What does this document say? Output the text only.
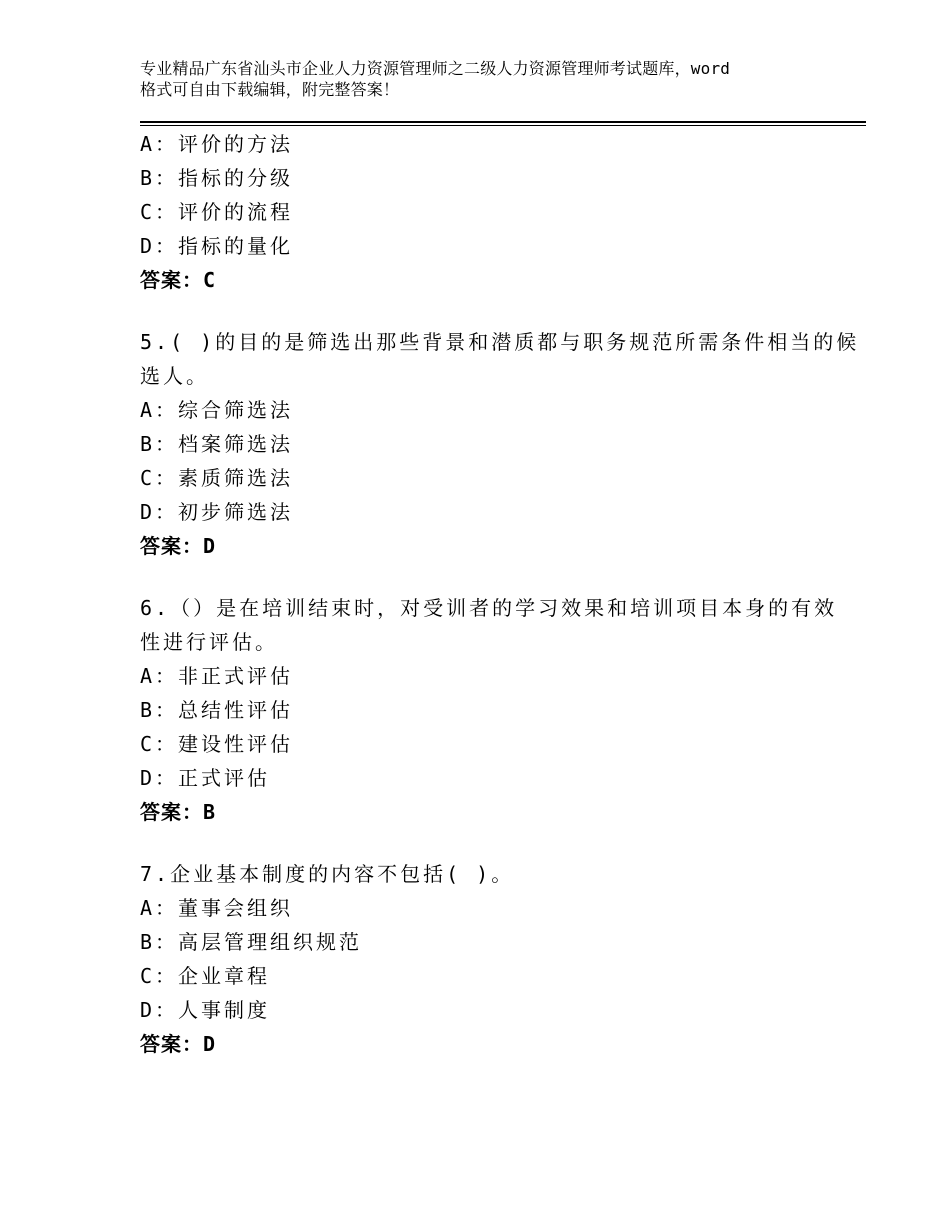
专业精品广东省汕头市企业人力资源管理师之二级人力资源管理师考试题库，word
格式可自由下载编辑，附完整答案！
A：评价的方法
B：指标的分级
C：评价的流程
D：指标的量化
答案：C
5.( )的目的是筛选出那些背景和潜质都与职务规范所需条件相当的候
选人。
A：综合筛选法
B：档案筛选法
C：素质筛选法
D：初步筛选法
答案：D
6.（）是在培训结束时，对受训者的学习效果和培训项目本身的有效
性进行评估。
A：非正式评估
B：总结性评估
C：建设性评估
D：正式评估
答案：B
7.企业基本制度的内容不包括( )。
A：董事会组织
B：高层管理组织规范
C：企业章程
D：人事制度
答案：D
